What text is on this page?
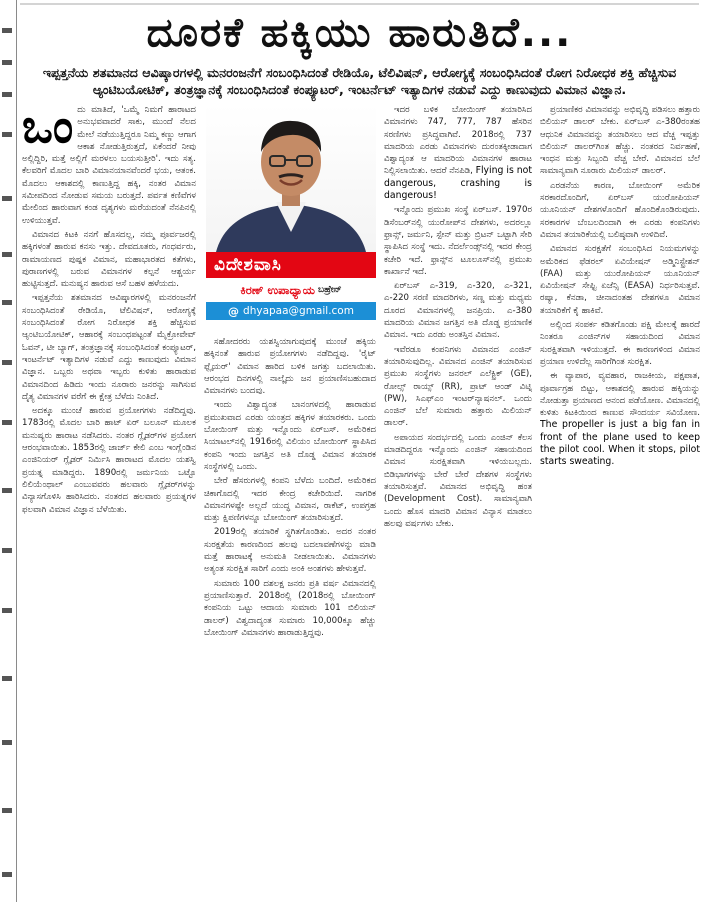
ದೂರಕೆ ಹಕ್ಕಿಯು ಹಾರುತಿದೆ...
ಇಪ್ಪತ್ತನೆಯ ಶತಮಾನದ ಆವಿಷ್ಕಾರಗಳಲ್ಲಿ ಮನರಂಜನೆಗೆ ಸಂಬಂಧಿಸಿದಂತೆ ರೇಡಿಯೊ, ಟೆಲಿವಿಷನ್, ಆರೋಗ್ಯಕ್ಕೆ ಸಂಬಂಧಿಸಿದಂತೆ ರೋಗ ನಿರೋಧಕ ಶಕ್ತಿ ಹೆಚ್ಚಿಸುವ ಆ್ಯಂಟಿಬಯೋಟಿಕ್, ತಂತ್ರಜ್ಞಾನಕ್ಕೆ ಸಂಬಂಧಿಸಿದಂತೆ ಕಂಪ್ಯೂಟರ್, ಇಂಟರ್ನೆಟ್ ಇತ್ಯಾದಿಗಳ ನಡುವೆ ಎದ್ದು ಕಾಣುವುದು ವಿಮಾನ ವಿಜ್ಞಾನ.

ಒಂದು ಮಾತಿದೆ, 'ಒಮ್ಮೆ ನಿಮಗೆ ಹಾರಾಟದ ಅನುಭವವಾದರೆ ಸಾಕು, ಮುಂದೆ ನೆಲದ ಮೇಲೆ ನಡೆಯುತ್ತಿದ್ದರೂ ನಿಮ್ಮ ಕಣ್ಣು ಆಗಾಗ ಆಕಾಶ ನೋಡುತ್ತಿರುತ್ತದೆ, ಏಕೆಂದರೆ ನೀವು ಅಲ್ಲಿದ್ದಿರಿ, ಮತ್ತೆ ಅಲ್ಲಿಗೆ ಮರಳಲು ಬಯಸುತ್ತೀರಿ'. ಇದು ಸತ್ಯ. ಕೆಲವರಿಗೆ ಮೊದಲ ಬಾರಿ ವಿಮಾನಯಾನವೆಂದರೆ ಭಯ, ಆತಂಕ. ಮೊದಲು ಆಕಾಶದಲ್ಲಿ ಕಾಣುತ್ತಿದ್ದ ಹಕ್ಕಿ, ನಂತರ ವಿಮಾನ ಸಮೀಪದಿಂದ ನೋಡುವ ಸಮಯ ಬರುತ್ತದೆ. ಪರ್ವತ ಕಣಿವೆಗಳ ಮೇಲಿಂದ ಹಾರುವಾಗ ಕಂಡ ದೃಶ್ಯಗಳು ಮರೆಯದಂತೆ ನೆನಪಿನಲ್ಲಿ ಉಳಿಯುತ್ತವೆ.

ವಿಮಾನದ ಕಿಟಕಿ ನನಗೆ ಹೊಸದಲ್ಲ, ನಮ್ಮ ಪೂರ್ವಜರಲ್ಲಿ ಹಕ್ಕಿಗಳಂತೆ ಹಾರುವ ಕನಸು ಇತ್ತು. ದೇವದೂತರು, ಗಂಧರ್ವರು, ರಾಮಾಯಣದ ಪುಷ್ಪಕ ವಿಮಾನ, ಮಹಾಭಾರತದ ಕತೆಗಳು, ಪುರಾಣಗಳಲ್ಲಿ ಬರುವ ವಿಮಾನಗಳ ಕಲ್ಪನೆ ಆಶ್ಚರ್ಯ ಹುಟ್ಟಿಸುತ್ತದೆ. ಮನುಷ್ಯನ ಹಾರುವ ಆಸೆ ಬಹಳ ಹಳೆಯದು.

ಇಪ್ಪತ್ತನೆಯ ಶತಮಾನದ ಆವಿಷ್ಕಾರಗಳಲ್ಲಿ ಮನರಂಜನೆಗೆ ಸಂಬಂಧಿಸಿದಂತೆ ರೇಡಿಯೊ, ಟೆಲಿವಿಷನ್, ಆರೋಗ್ಯಕ್ಕೆ ಸಂಬಂಧಿಸಿದಂತೆ ರೋಗ ನಿರೋಧಕ ಶಕ್ತಿ ಹೆಚ್ಚಿಸುವ ಆ್ಯಂಟಿಬಯೋಟಿಕ್, ಆಹಾರಕ್ಕೆ ಸಂಬಂಧಪಟ್ಟಂತೆ ಮೈಕ್ರೋವೇವ್ ಓವನ್, ಟೀ ಬ್ಯಾಗ್, ತಂತ್ರಜ್ಞಾನಕ್ಕೆ ಸಂಬಂಧಿಸಿದಂತೆ ಕಂಪ್ಯೂಟರ್, ಇಂಟರ್ನೆಟ್ ಇತ್ಯಾದಿಗಳ ನಡುವೆ ಎದ್ದು ಕಾಣುವುದು ವಿಮಾನ ವಿಜ್ಞಾನ. ಒಬ್ಬರು ಅಥವಾ ಇಬ್ಬರು ಕುಳಿತು ಹಾರಾಡುವ ವಿಮಾನದಿಂದ ಹಿಡಿದು ಇಂದು ನೂರಾರು ಜನರನ್ನು ಸಾಗಿಸುವ ದೈತ್ಯ ವಿಮಾನಗಳ ವರೆಗೆ ಈ ಕ್ಷೇತ್ರ ಬೆಳೆದು ನಿಂತಿದೆ.

ಅದಕ್ಕೂ ಮುಂಚೆ ಹಾರುವ ಪ್ರಯೋಗಗಳು ನಡೆದಿದ್ದವು. 1783ರಲ್ಲಿ ಮೊದಲ ಬಾರಿ ಹಾಟ್ ಏರ್ ಬಲೂನ್ ಮೂಲಕ ಮನುಷ್ಯರು ಹಾರಾಟ ನಡೆಸಿದರು. ನಂತರ ಗ್ಲೈಡರ್‌ಗಳ ಪ್ರಯೋಗ ಆರಂಭವಾಯಿತು. 1853ರಲ್ಲಿ ಜಾರ್ಜ್ ಕೇಲಿ ಎಂಬ ಇಂಗ್ಲೆಂಡಿನ ಎಂಜಿನಿಯರ್ ಗ್ಲೈಡರ್ ನಿರ್ಮಿಸಿ ಹಾರಾಟದ ಮೊದಲ ಯಶಸ್ವಿ ಪ್ರಯತ್ನ ಮಾಡಿದ್ದರು. 1890ರಲ್ಲಿ ಜರ್ಮನಿಯ ಒಟ್ಟೊ ಲಿಲಿಯೆಂಥಾಲ್ ಎಂಬುವವರು ಹಲವಾರು ಗ್ಲೈಡರ್‌ಗಳನ್ನು ವಿನ್ಯಾಸಗೊಳಿಸಿ ಹಾರಿಸಿದರು. ನಂತರದ ಹಲವಾರು ಪ್ರಯತ್ನಗಳ ಫಲವಾಗಿ ವಿಮಾನ ವಿಜ್ಞಾನ ಬೆಳೆಯಿತು.

ವಿದೇಶವಾಸಿ
ಕಿರಣ್ ಉಪಾಧ್ಯಾಯ ಬಹ್ರೇನ್
@ dhyapaa@gmail.com

ಸಹೋದರರು ಯಶಸ್ವಿಯಾಗುವುದಕ್ಕೆ ಮುಂಚೆ ಹಕ್ಕಿಯ ಹಕ್ಕಿನಂತೆ ಹಾರುವ ಪ್ರಯೋಗಗಳು ನಡೆದಿದ್ದವು. 'ರೈಟ್ ಫ್ಲೈಯರ್' ವಿಮಾನ ಹಾರಿದ ಬಳಿಕ ಜಗತ್ತು ಬದಲಾಯಿತು. ಆರಂಭದ ದಿನಗಳಲ್ಲಿ ನಾಲ್ಕೈದು ಜನ ಪ್ರಯಾಣಿಸಬಹುದಾದ ವಿಮಾನಗಳು ಬಂದವು.

ಇಂದು ವಿಶ್ವಾದ್ಯಂತ ಬಾನಂಗಳದಲ್ಲಿ ಹಾರಾಡುವ ಪ್ರಮುಖವಾದ ಎರಡು ಯಂತ್ರದ ಹಕ್ಕಿಗಳ ತಯಾರಕರು. ಒಂದು ಬೋಯಿಂಗ್ ಮತ್ತು ಇನ್ನೊಂದು ಏರ್‌ಬಸ್. ಅಮೆರಿಕದ ಸಿಯಾಟಲ್‌ನಲ್ಲಿ 1916ರಲ್ಲಿ ವಿಲಿಯಂ ಬೋಯಿಂಗ್ ಸ್ಥಾಪಿಸಿದ ಕಂಪನಿ ಇಂದು ಜಗತ್ತಿನ ಅತಿ ದೊಡ್ಡ ವಿಮಾನ ತಯಾರಕ ಸಂಸ್ಥೆಗಳಲ್ಲಿ ಒಂದು.

ಬೇರೆ ಹೆಸರುಗಳಲ್ಲಿ ಕಂಪನಿ ಬೆಳೆದು ಬಂದಿದೆ. ಅಮೆರಿಕದ ಚಿಕಾಗೊದಲ್ಲಿ ಇದರ ಕೇಂದ್ರ ಕಚೇರಿಯಿದೆ. ನಾಗರಿಕ ವಿಮಾನಗಳಷ್ಟೇ ಅಲ್ಲದೆ ಯುದ್ಧ ವಿಮಾನ, ರಾಕೆಟ್, ಉಪಗ್ರಹ ಮತ್ತು ಕ್ಷಿಪಣಿಗಳನ್ನೂ ಬೋಯಿಂಗ್ ತಯಾರಿಸುತ್ತದೆ.

2019ರಲ್ಲಿ ತಯಾರಿಕೆ ಸ್ಥಗಿತಗೊಂಡಿತು. ಅದರ ನಂತರ ಸುರಕ್ಷತೆಯ ಕಾರಣದಿಂದ ಹಲವು ಬದಲಾವಣೆಗಳನ್ನು ಮಾಡಿ ಮತ್ತೆ ಹಾರಾಟಕ್ಕೆ ಅನುಮತಿ ನೀಡಲಾಯಿತು. ವಿಮಾನಗಳು ಅತ್ಯಂತ ಸುರಕ್ಷಿತ ಸಾರಿಗೆ ಎಂದು ಅಂಕಿ ಅಂಶಗಳು ಹೇಳುತ್ತವೆ.

ಸುಮಾರು 100 ದಶಲಕ್ಷ ಜನರು ಪ್ರತಿ ವರ್ಷ ವಿಮಾನದಲ್ಲಿ ಪ್ರಯಾಣಿಸುತ್ತಾರೆ. 2018ರಲ್ಲಿ (2018ರಲ್ಲಿ ಬೋಯಿಂಗ್ ಕಂಪನಿಯ ಒಟ್ಟು ಆದಾಯ ಸುಮಾರು 101 ಬಿಲಿಯನ್ ಡಾಲರ್) ವಿಶ್ವದಾದ್ಯಂತ ಸುಮಾರು 10,000ಕ್ಕೂ ಹೆಚ್ಚು ಬೋಯಿಂಗ್ ವಿಮಾನಗಳು ಹಾರಾಡುತ್ತಿದ್ದವು.

ಇದರ ಬಳಿಕ ಬೋಯಿಂಗ್ ತಯಾರಿಸಿದ ವಿಮಾನಗಳು 747, 777, 787 ಹೆಸರಿನ ಸರಣಿಗಳು ಪ್ರಸಿದ್ಧವಾಗಿವೆ. 2018ರಲ್ಲಿ 737 ಮಾದರಿಯ ಎರಡು ವಿಮಾನಗಳು ದುರಂತಕ್ಕೀಡಾದಾಗ ವಿಶ್ವಾದ್ಯಂತ ಆ ಮಾದರಿಯ ವಿಮಾನಗಳ ಹಾರಾಟ ನಿಲ್ಲಿಸಲಾಯಿತು. ಆದರೆ ನೆನಪಿಡಿ, Flying is not dangerous, crashing is dangerous!

ಇನ್ನೊಂದು ಪ್ರಮುಖ ಸಂಸ್ಥೆ ಏರ್‌ಬಸ್. 1970ರ ಡಿಸೆಂಬರ್‌ನಲ್ಲಿ ಯುರೋಪ್‌ನ ದೇಶಗಳು, ಅದರಲ್ಲೂ ಫ್ರಾನ್ಸ್, ಜರ್ಮನಿ, ಸ್ಪೇನ್ ಮತ್ತು ಬ್ರಿಟನ್ ಒಟ್ಟಾಗಿ ಸೇರಿ ಸ್ಥಾಪಿಸಿದ ಸಂಸ್ಥೆ ಇದು. ನೆದರ್ಲೆಂಡ್ಸ್‌ನಲ್ಲಿ ಇದರ ಕೇಂದ್ರ ಕಚೇರಿ ಇದೆ. ಫ್ರಾನ್ಸ್‌ನ ಟೂಲೂಸ್‌ನಲ್ಲಿ ಪ್ರಮುಖ ಕಾರ್ಖಾನೆ ಇದೆ.

ಏರ್‌ಬಸ್ ಎ-319, ಎ-320, ಎ-321, ಎ-220 ಸರಣಿ ಮಾದರಿಗಳು, ಸಣ್ಣ ಮತ್ತು ಮಧ್ಯಮ ದೂರದ ವಿಮಾನಗಳಲ್ಲಿ ಜನಪ್ರಿಯ. ಎ-380 ಮಾದರಿಯ ವಿಮಾನ ಜಗತ್ತಿನ ಅತಿ ದೊಡ್ಡ ಪ್ರಯಾಣಿಕ ವಿಮಾನ. ಇದು ಎರಡು ಅಂತಸ್ತಿನ ವಿಮಾನ.

ಇವೆರಡೂ ಕಂಪನಿಗಳು ವಿಮಾನದ ಎಂಜಿನ್ ತಯಾರಿಸುವುದಿಲ್ಲ. ವಿಮಾನದ ಎಂಜಿನ್ ತಯಾರಿಸುವ ಪ್ರಮುಖ ಸಂಸ್ಥೆಗಳು ಜನರಲ್ ಎಲೆಕ್ಟ್ರಿಕ್ (GE), ರೋಲ್ಸ್ ರಾಯ್ಸ್ (RR), ಪ್ರಾಟ್ ಆಂಡ್ ವಿಟ್ನಿ (PW), ಸಿಎಫ್‌ಎಂ ಇಂಟರ್‌ನ್ಯಾಷನಲ್. ಒಂದು ಎಂಜಿನ್ ಬೆಲೆ ಸುಮಾರು ಹತ್ತಾರು ಮಿಲಿಯನ್ ಡಾಲರ್.

ಅಪಾಯದ ಸಂದರ್ಭದಲ್ಲಿ ಒಂದು ಎಂಜಿನ್ ಕೆಲಸ ಮಾಡದಿದ್ದರೂ ಇನ್ನೊಂದು ಎಂಜಿನ್ ಸಹಾಯದಿಂದ ವಿಮಾನ ಸುರಕ್ಷಿತವಾಗಿ ಇಳಿಯಬಲ್ಲದು. ಬಿಡಿಭಾಗಗಳನ್ನು ಬೇರೆ ಬೇರೆ ದೇಶಗಳ ಸಂಸ್ಥೆಗಳು ತಯಾರಿಸುತ್ತವೆ. ವಿಮಾನದ ಅಭಿವೃದ್ಧಿ ಹಂತ (Development Cost). ಸಾಮಾನ್ಯವಾಗಿ ಒಂದು ಹೊಸ ಮಾದರಿ ವಿಮಾನ ವಿನ್ಯಾಸ ಮಾಡಲು ಹಲವು ವರ್ಷಗಳು ಬೇಕು.

ಪ್ರಯಾಣಿಕರ ವಿಮಾನವನ್ನು ಅಭಿವೃದ್ಧಿ ಪಡಿಸಲು ಹತ್ತಾರು ಬಿಲಿಯನ್ ಡಾಲರ್ ಬೇಕು. ಏರ್‌ಬಸ್ ಎ-380ರಂತಹ ಆಧುನಿಕ ವಿಮಾನವನ್ನು ತಯಾರಿಸಲು ಆದ ವೆಚ್ಚ ಇಪ್ಪತ್ತು ಬಿಲಿಯನ್ ಡಾಲರ್‌ಗಿಂತ ಹೆಚ್ಚು. ನಂತರದ ನಿರ್ವಹಣೆ, ಇಂಧನ ಮತ್ತು ಸಿಬ್ಬಂದಿ ವೆಚ್ಚ ಬೇರೆ. ವಿಮಾನದ ಬೆಲೆ ಸಾಮಾನ್ಯವಾಗಿ ನೂರಾರು ಮಿಲಿಯನ್ ಡಾಲರ್.

ಎರಡನೆಯ ಕಾರಣ, ಬೋಯಿಂಗ್ ಅಮೆರಿಕ ಸರಕಾರದೊಂದಿಗೆ, ಏರ್‌ಬಸ್ ಯುರೋಪಿಯನ್ ಯೂನಿಯನ್ ದೇಶಗಳೊಂದಿಗೆ ಹೊಂದಿಕೊಂಡಿರುವುದು. ಸರಕಾರಗಳ ಬೆಂಬಲದಿಂದಾಗಿ ಈ ಎರಡು ಕಂಪನಿಗಳು ವಿಮಾನ ತಯಾರಿಕೆಯಲ್ಲಿ ಬಲಿಷ್ಠವಾಗಿ ಉಳಿದಿವೆ.

ವಿಮಾನದ ಸುರಕ್ಷತೆಗೆ ಸಂಬಂಧಿಸಿದ ನಿಯಮಗಳನ್ನು ಅಮೆರಿಕದ ಫೆಡರಲ್ ಏವಿಯೇಷನ್ ಅಡ್ಮಿನಿಸ್ಟ್ರೇಶನ್ (FAA) ಮತ್ತು ಯುರೋಪಿಯನ್ ಯೂನಿಯನ್ ಏವಿಯೇಷನ್ ಸೇಫ್ಟಿ ಏಜೆನ್ಸಿ (EASA) ನಿರ್ಧರಿಸುತ್ತವೆ. ರಷ್ಯಾ, ಕೆನಡಾ, ಚೀನಾದಂತಹ ದೇಶಗಳೂ ವಿಮಾನ ತಯಾರಿಕೆಗೆ ಕೈ ಹಾಕಿವೆ.

ಅಲ್ಲಿಂದ ಸಂಪರ್ಕ ಕಡಿತಗೊಂಡು ಪಕ್ಷಿ ಮೇಲಕ್ಕೆ ಹಾರದೆ ನಿಂತರೂ ಎಂಜಿನ್‌ಗಳ ಸಹಾಯದಿಂದ ವಿಮಾನ ಸುರಕ್ಷಿತವಾಗಿ ಇಳಿಯುತ್ತದೆ. ಈ ಕಾರಣಗಳಿಂದ ವಿಮಾನ ಪ್ರಯಾಣ ಉಳಿದೆಲ್ಲ ಸಾರಿಗೆಗಿಂತ ಸುರಕ್ಷಿತ.

ಈ ವ್ಯಾಪಾರ, ವ್ಯವಹಾರ, ರಾಜಕೀಯ, ಪಕ್ಷಪಾತ, ಪೂರ್ವಾಗ್ರಹ ಬಿಟ್ಟು, ಆಕಾಶದಲ್ಲಿ ಹಾರುವ ಹಕ್ಕಿಯನ್ನು ನೋಡುತ್ತಾ ಪ್ರಯಾಣದ ಆನಂದ ಪಡೆಯೋಣ. ವಿಮಾನದಲ್ಲಿ ಕುಳಿತು ಕಿಟಕಿಯಿಂದ ಕಾಣುವ ಸೌಂದರ್ಯ ಸವಿಯೋಣ. The propeller is just a big fan in front of the plane used to keep the pilot cool. When it stops, pilot starts sweating.
